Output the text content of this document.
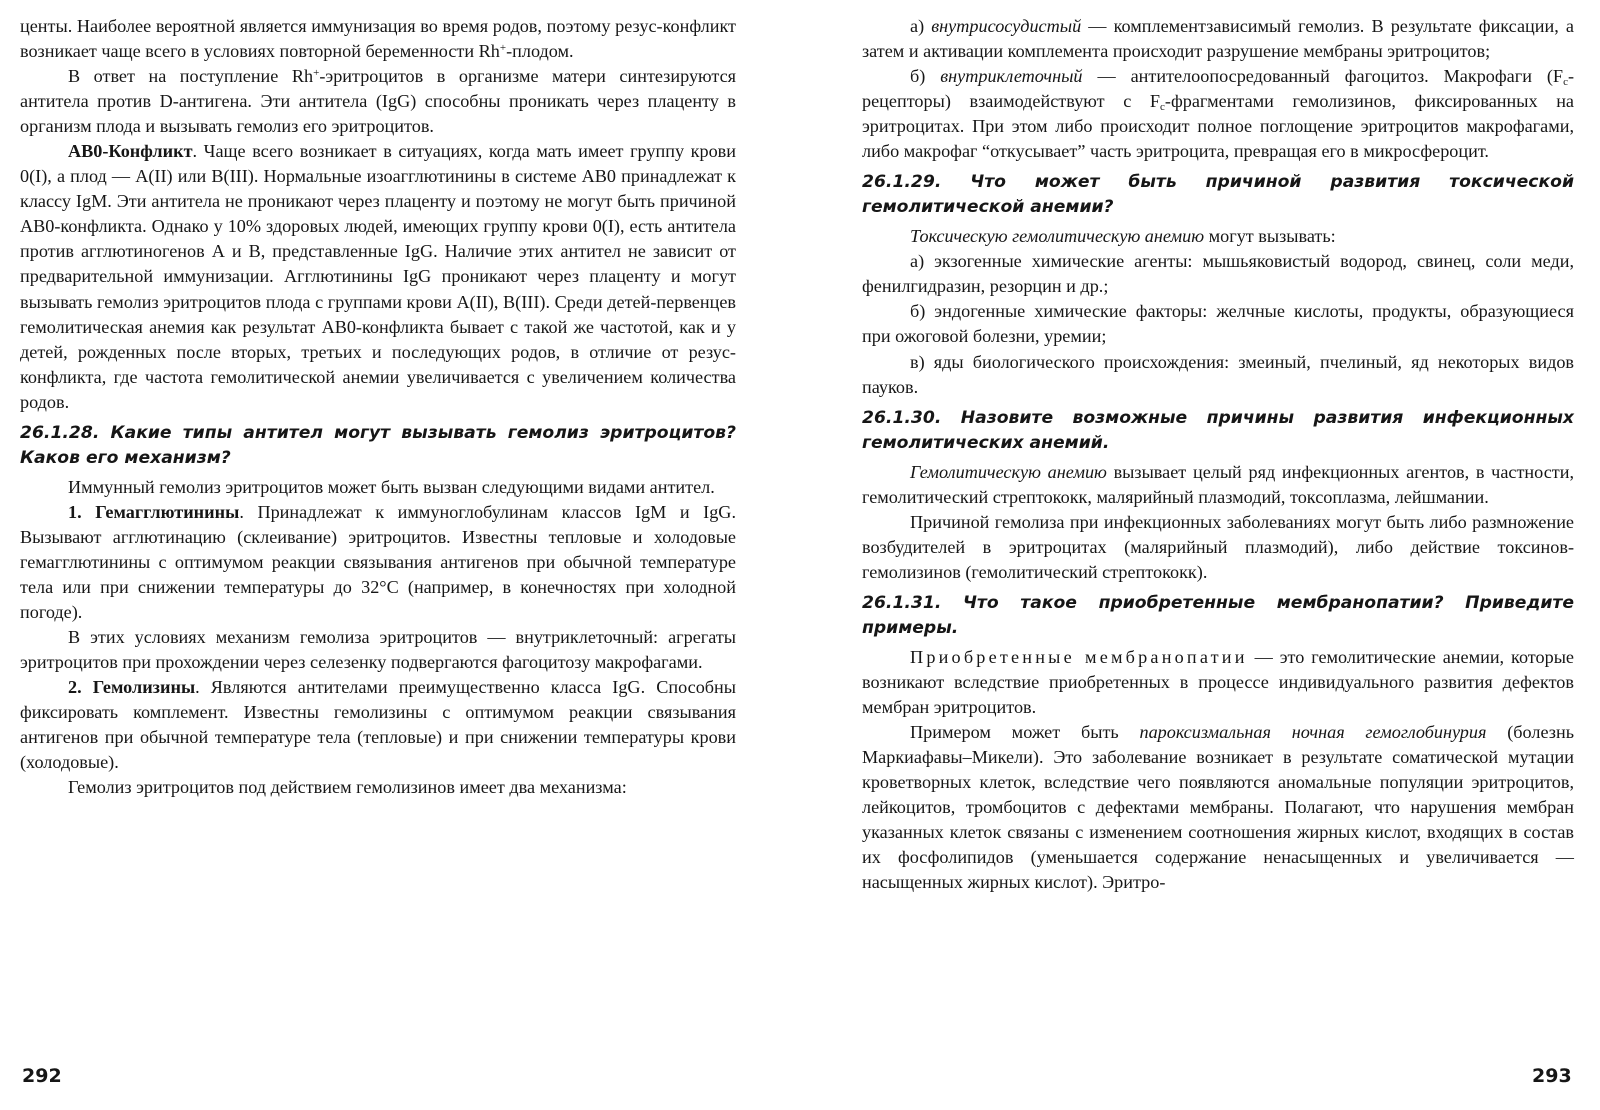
центы. Наиболее вероятной является иммунизация во время родов, поэтому резус-конфликт возникает чаще всего в условиях повторной беременности Rh+-плодом.

В ответ на поступление Rh+-эритроцитов в организме матери синтезируются антитела против D-антигена. Эти антитела (IgG) способны проникать через плаценту в организм плода и вызывать гемолиз его эритроцитов.

АВ0-Конфликт. Чаще всего возникает в ситуациях, когда мать имеет группу крови 0(I), а плод — А(II) или В(III). Нормальные изоагглютинины в системе АВ0 принадлежат к классу IgM. Эти антитела не проникают через плаценту и поэтому не могут быть причиной АВ0-конфликта. Однако у 10% здоровых людей, имеющих группу крови 0(I), есть антитела против агглютиногенов А и В, представленные IgG. Наличие этих антител не зависит от предварительной иммунизации. Агглютинины IgG проникают через плаценту и могут вызывать гемолиз эритроцитов плода с группами крови А(II), В(III). Среди детей-первенцев гемолитическая анемия как результат АВ0-конфликта бывает с такой же частотой, как и у детей, рожденных после вторых, третьих и последующих родов, в отличие от резус-конфликта, где частота гемолитической анемии увеличивается с увеличением количества родов.

26.1.28. Какие типы антител могут вызывать гемолиз эритроцитов? Каков его механизм?

Иммунный гемолиз эритроцитов может быть вызван следующими видами антител.

1. Гемагглютинины. Принадлежат к иммуноглобулинам классов IgM и IgG. Вызывают агглютинацию (склеивание) эритроцитов. Известны тепловые и холодовые гемагглютинины с оптимумом реакции связывания антигенов при обычной температуре тела или при снижении температуры до 32°С (например, в конечностях при холодной погоде).

В этих условиях механизм гемолиза эритроцитов — внутриклеточный: агрегаты эритроцитов при прохождении через селезенку подвергаются фагоцитозу макрофагами.

2. Гемолизины. Являются антителами преимущественно класса IgG. Способны фиксировать комплемент. Известны гемолизины с оптимумом реакции связывания антигенов при обычной температуре тела (тепловые) и при снижении температуры крови (холодовые).

Гемолиз эритроцитов под действием гемолизинов имеет два механизма:

292

а) внутрисосудистый — комплементзависимый гемолиз. В результате фиксации, а затем и активации комплемента происходит разрушение мембраны эритроцитов;

б) внутриклеточный — антителоопосредованный фагоцитоз. Макрофаги $(F_c-рецепторы)$ взаимодействуют с $F_c$-фрагментами гемолизинов, фиксированных на эритроцитах. При этом либо происходит полное поглощение эритроцитов макрофагами, либо макрофаг “откусывает” часть эритроцита, превращая его в микросфероцит.

26.1.29. Что может быть причиной развития токсической гемолитической анемии?

Токсическую гемолитическую анемию могут вызывать:

а) экзогенные химические агенты: мышьяковистый водород, свинец, соли меди, фенилгидразин, резорцин и др.;

б) эндогенные химические факторы: желчные кислоты, продукты, образующиеся при ожоговой болезни, уремии;

в) яды биологического происхождения: змеиный, пчелиный, яд некоторых видов пауков.

26.1.30. Назовите возможные причины развития инфекционных гемолитических анемий.

Гемолитическую анемию вызывает целый ряд инфекционных агентов, в частности, гемолитический стрептококк, малярийный плазмодий, токсоплазма, лейшмании.

Причиной гемолиза при инфекционных заболеваниях могут быть либо размножение возбудителей в эритроцитах (малярийный плазмодий), либо действие токсинов-гемолизинов (гемолитический стрептококк).

26.1.31. Что такое приобретенные мембранопатии? Приведите примеры.

Приобретенные мембранопатии — это гемолитические анемии, которые возникают вследствие приобретенных в процессе индивидуального развития дефектов мембран эритроцитов.

Примером может быть пароксизмальная ночная гемоглобинурия (болезнь Маркиафавы–Микели). Это заболевание возникает в результате соматической мутации кроветворных клеток, вследствие чего появляются аномальные популяции эритроцитов, лейкоцитов, тромбоцитов с дефектами мембраны. Полагают, что нарушения мембран указанных клеток связаны с изменением соотношения жирных кислот, входящих в состав их фосфолипидов (уменьшается содержание ненасыщенных и увеличивается — насыщенных жирных кислот). Эритро-

293
